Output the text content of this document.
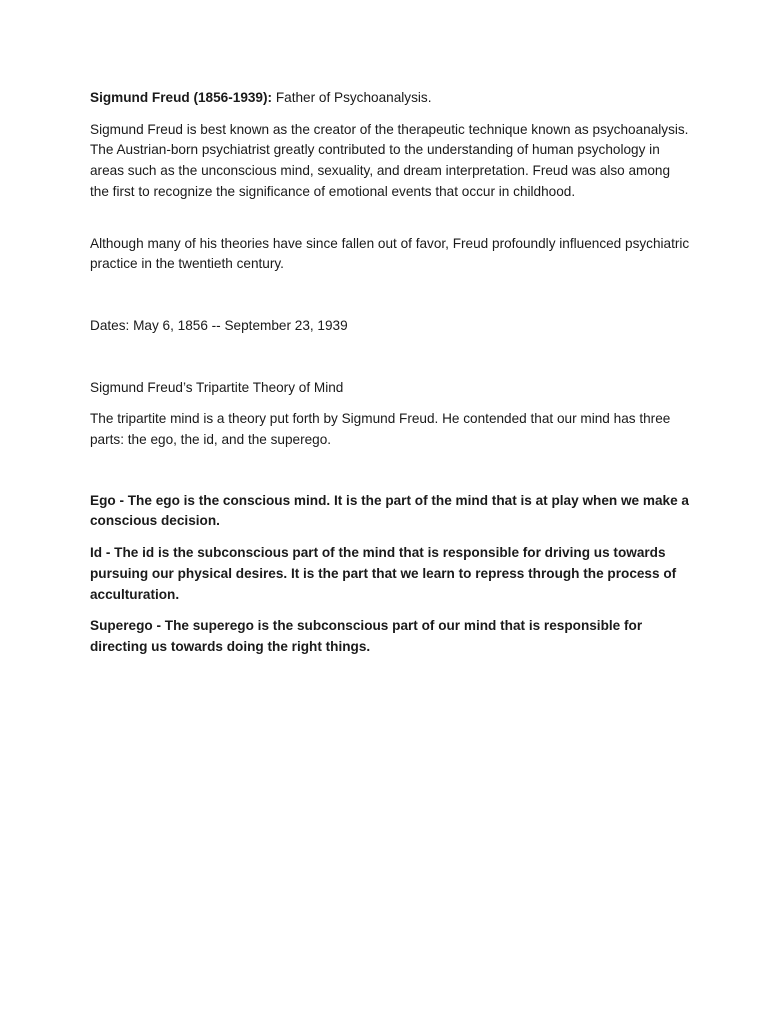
Sigmund Freud (1856-1939): Father of Psychoanalysis.

Sigmund Freud is best known as the creator of the therapeutic technique known as psychoanalysis. The Austrian-born psychiatrist greatly contributed to the understanding of human psychology in areas such as the unconscious mind, sexuality, and dream interpretation. Freud was also among the first to recognize the significance of emotional events that occur in childhood.

Although many of his theories have since fallen out of favor, Freud profoundly influenced psychiatric practice in the twentieth century.

Dates: May 6, 1856 -- September 23, 1939

Sigmund Freud’s Tripartite Theory of Mind

The tripartite mind is a theory put forth by Sigmund Freud. He contended that our mind has three parts: the ego, the id, and the superego.

Ego - The ego is the conscious mind. It is the part of the mind that is at play when we make a conscious decision.

Id - The id is the subconscious part of the mind that is responsible for driving us towards pursuing our physical desires. It is the part that we learn to repress through the process of acculturation.

Superego - The superego is the subconscious part of our mind that is responsible for directing us towards doing the right things.
